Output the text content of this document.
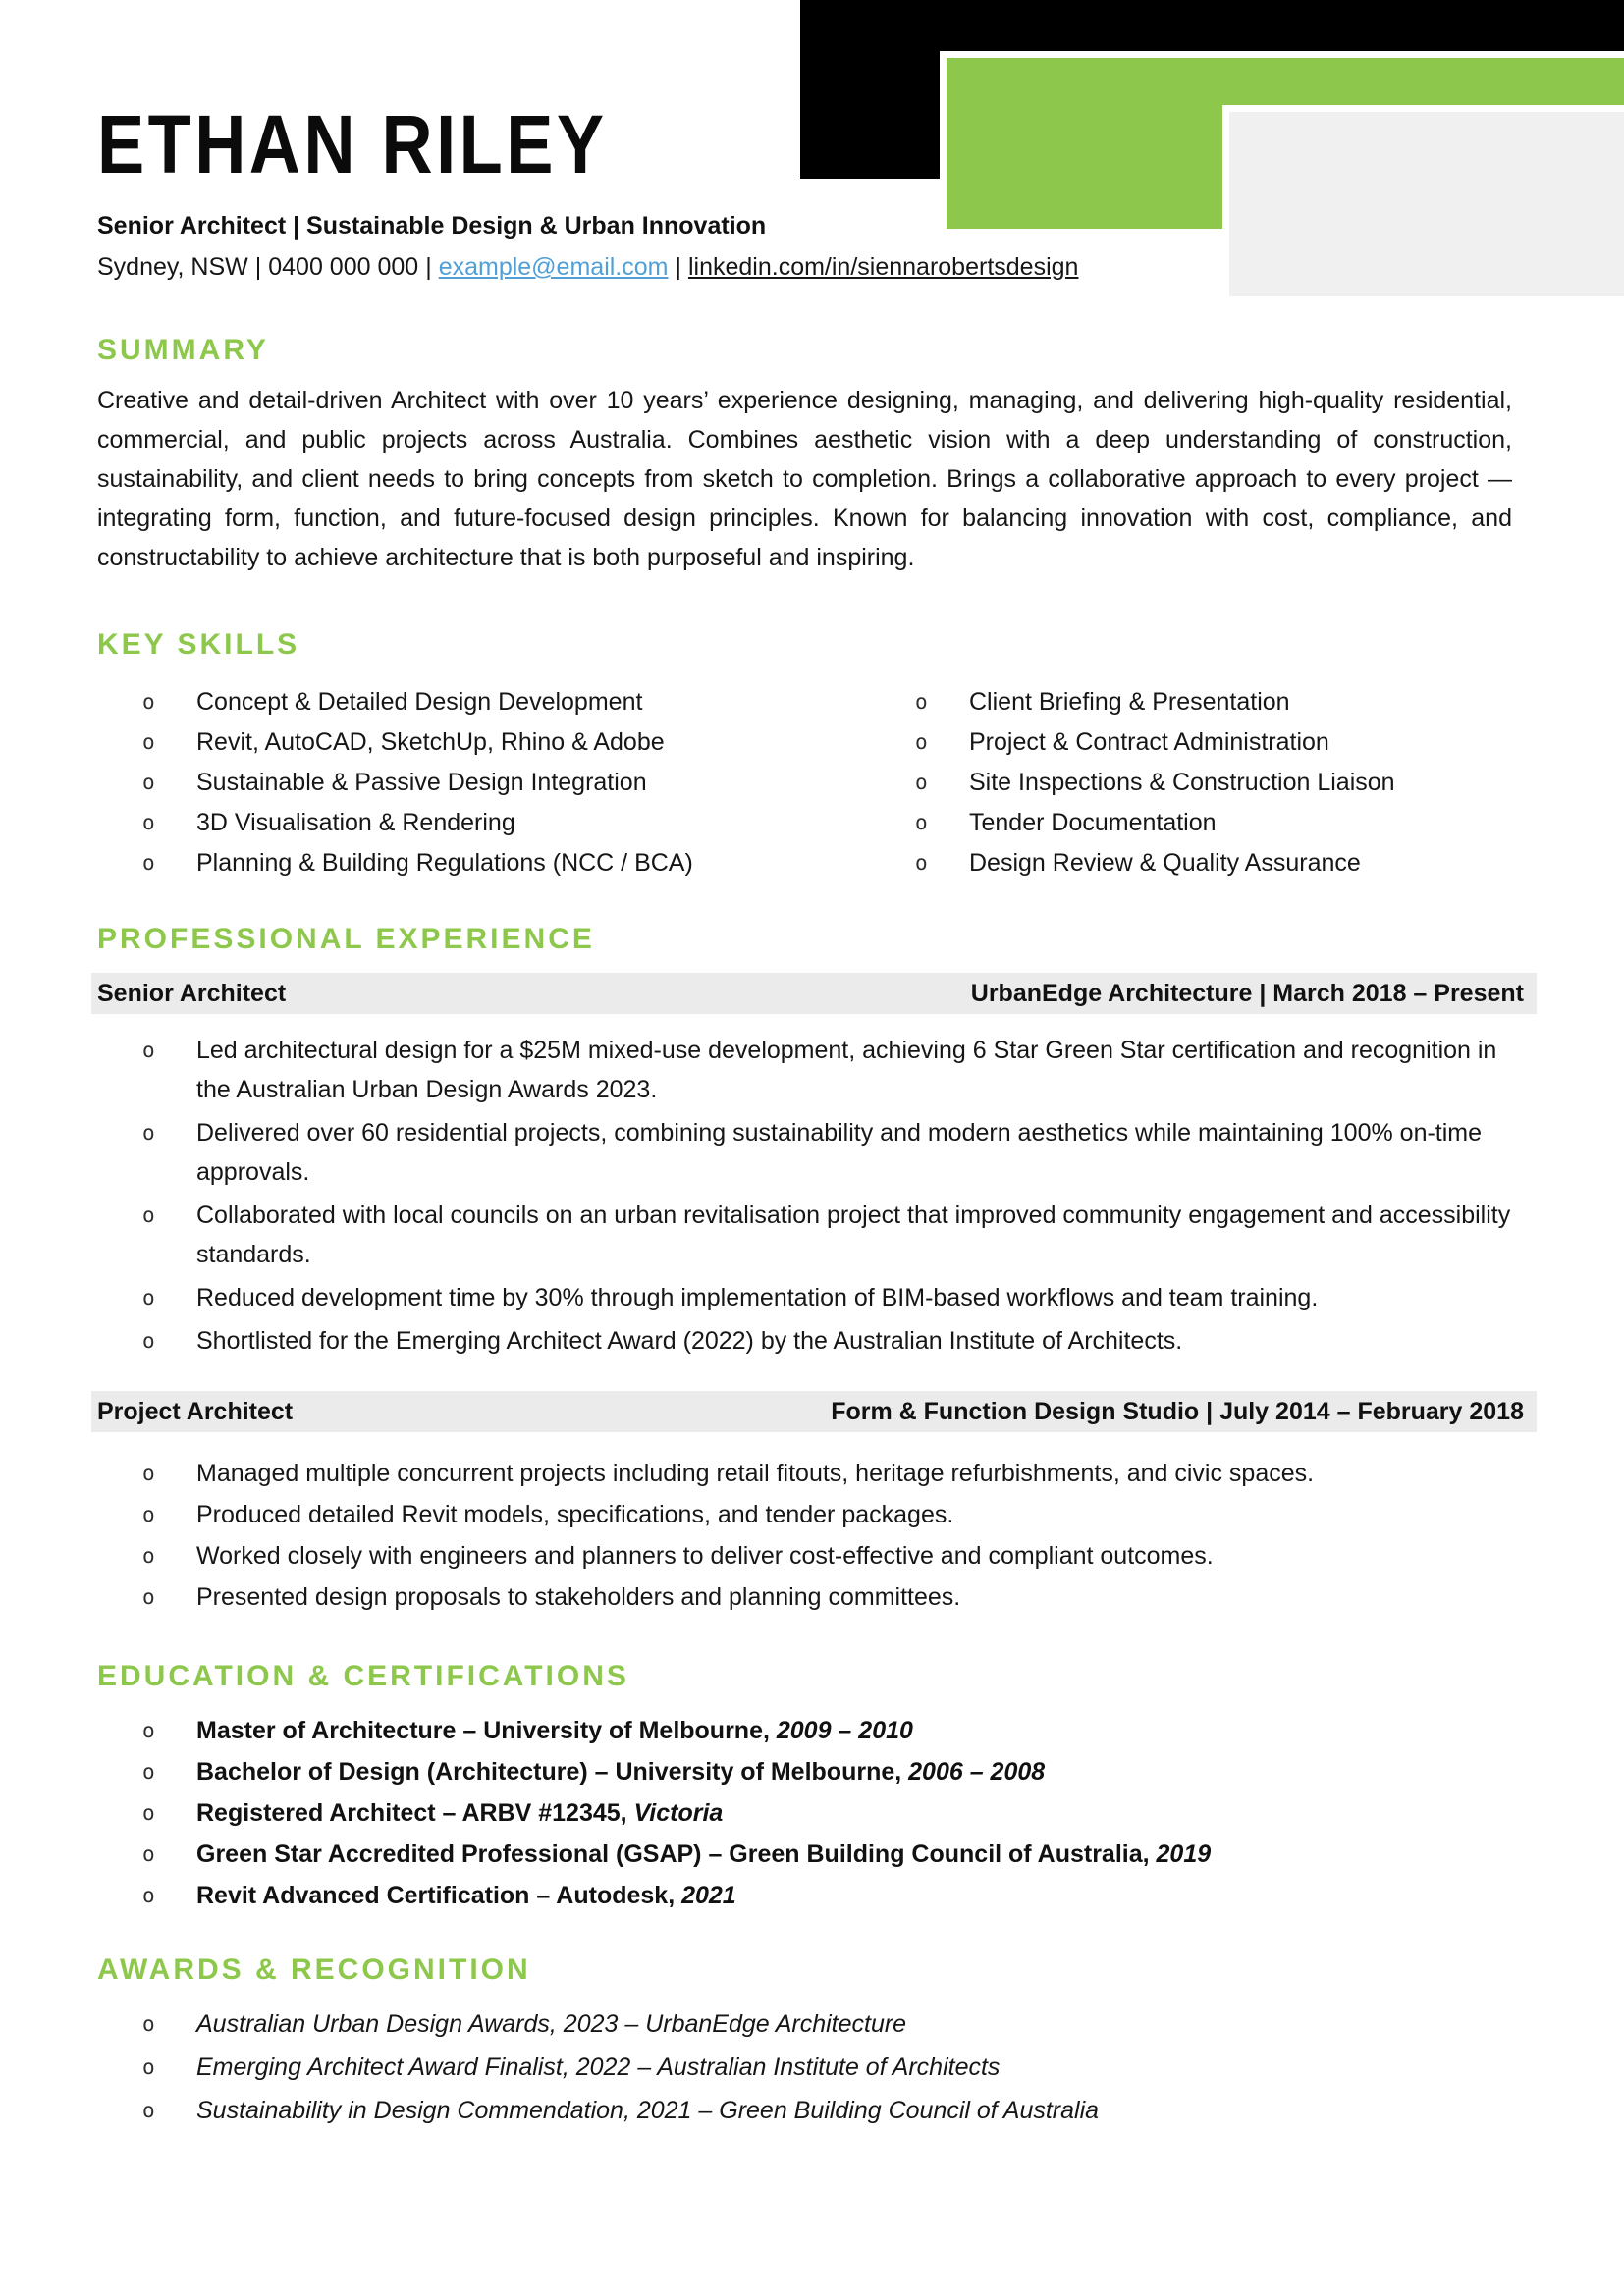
ETHAN RILEY
Senior Architect | Sustainable Design & Urban Innovation
Sydney, NSW | 0400 000 000 | example@email.com | linkedin.com/in/siennarobertsdesign
SUMMARY

Creative and detail-driven Architect with over 10 years’ experience designing, managing, and delivering high-quality residential, commercial, and public projects across Australia. Combines aesthetic vision with a deep understanding of construction, sustainability, and client needs to bring concepts from sketch to completion. Brings a collaborative approach to every project — integrating form, function, and future-focused design principles. Known for balancing innovation with cost, compliance, and constructability to achieve architecture that is both purposeful and inspiring.

KEY SKILLS
o Concept & Detailed Design Development
o Revit, AutoCAD, SketchUp, Rhino & Adobe
o Sustainable & Passive Design Integration
o 3D Visualisation & Rendering
o Planning & Building Regulations (NCC / BCA)
o Client Briefing & Presentation
o Project & Contract Administration
o Site Inspections & Construction Liaison
o Tender Documentation
o Design Review & Quality Assurance
PROFESSIONAL EXPERIENCE
Senior Architect	UrbanEdge Architecture | March 2018 – Present
o Led architectural design for a $25M mixed-use development, achieving 6 Star Green Star certification and recognition in the Australian Urban Design Awards 2023.
o Delivered over 60 residential projects, combining sustainability and modern aesthetics while maintaining 100% on-time approvals.
o Collaborated with local councils on an urban revitalisation project that improved community engagement and accessibility standards.
o Reduced development time by 30% through implementation of BIM-based workflows and team training.
o Shortlisted for the Emerging Architect Award (2022) by the Australian Institute of Architects.
Project Architect	Form & Function Design Studio | July 2014 – February 2018
o Managed multiple concurrent projects including retail fitouts, heritage refurbishments, and civic spaces.
o Produced detailed Revit models, specifications, and tender packages.
o Worked closely with engineers and planners to deliver cost-effective and compliant outcomes.
o Presented design proposals to stakeholders and planning committees.
EDUCATION & CERTIFICATIONS
o Master of Architecture – University of Melbourne, 2009 – 2010
o Bachelor of Design (Architecture) – University of Melbourne, 2006 – 2008
o Registered Architect – ARBV #12345, Victoria
o Green Star Accredited Professional (GSAP) – Green Building Council of Australia, 2019
o Revit Advanced Certification – Autodesk, 2021
AWARDS & RECOGNITION
o Australian Urban Design Awards, 2023 – UrbanEdge Architecture
o Emerging Architect Award Finalist, 2022 – Australian Institute of Architects
o Sustainability in Design Commendation, 2021 – Green Building Council of Australia
